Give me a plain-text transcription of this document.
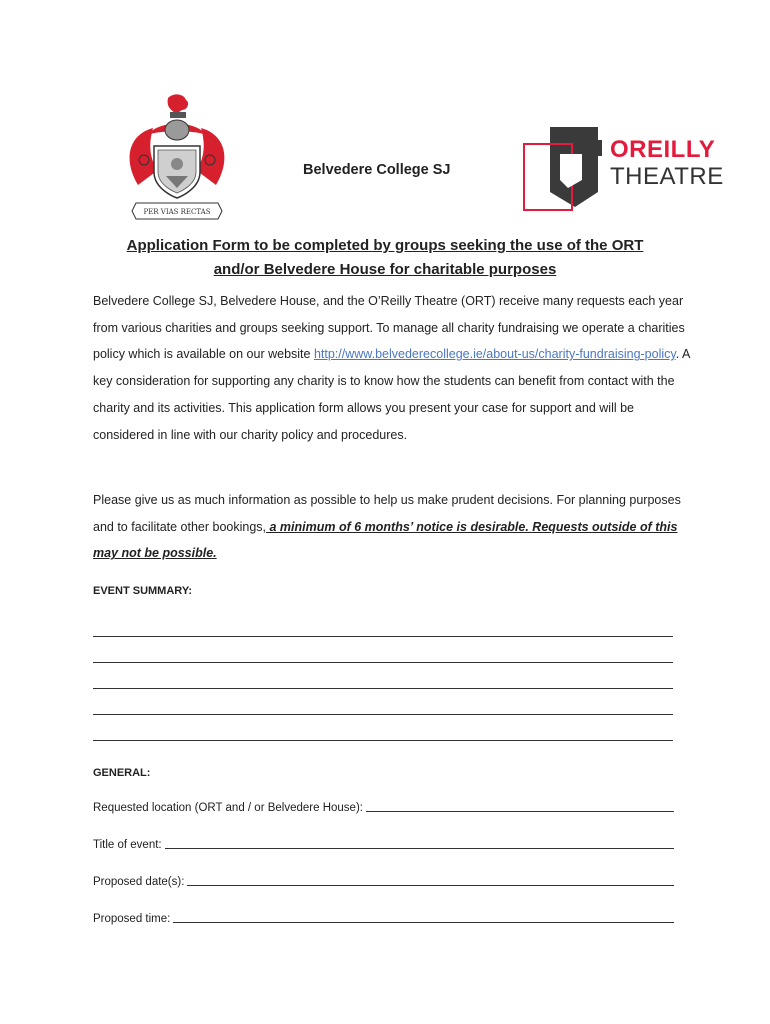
PER VIAS RECTAS
Belvedere College SJ
OREILLY
THEATRE
Application Form to be completed by groups seeking the use of the ORT
and/or Belvedere House for charitable purposes
Belvedere College SJ, Belvedere House, and the O’Reilly Theatre (ORT) receive many requests each year from various charities and groups seeking support. To manage all charity fundraising we operate a charities policy which is available on our website http://www.belvederecollege.ie/about-us/charity-fundraising-policy. A key consideration for supporting any charity is to know how the students can benefit from contact with the charity and its activities. This application form allows you present your case for support and will be considered in line with our charity policy and procedures.
Please give us as much information as possible to help us make prudent decisions. For planning purposes and to facilitate other bookings, a minimum of 6 months’ notice is desirable. Requests outside of this may not be possible.
EVENT SUMMARY:
GENERAL:
Requested location (ORT and / or Belvedere House):
Title of event:
Proposed date(s):
Proposed time:
